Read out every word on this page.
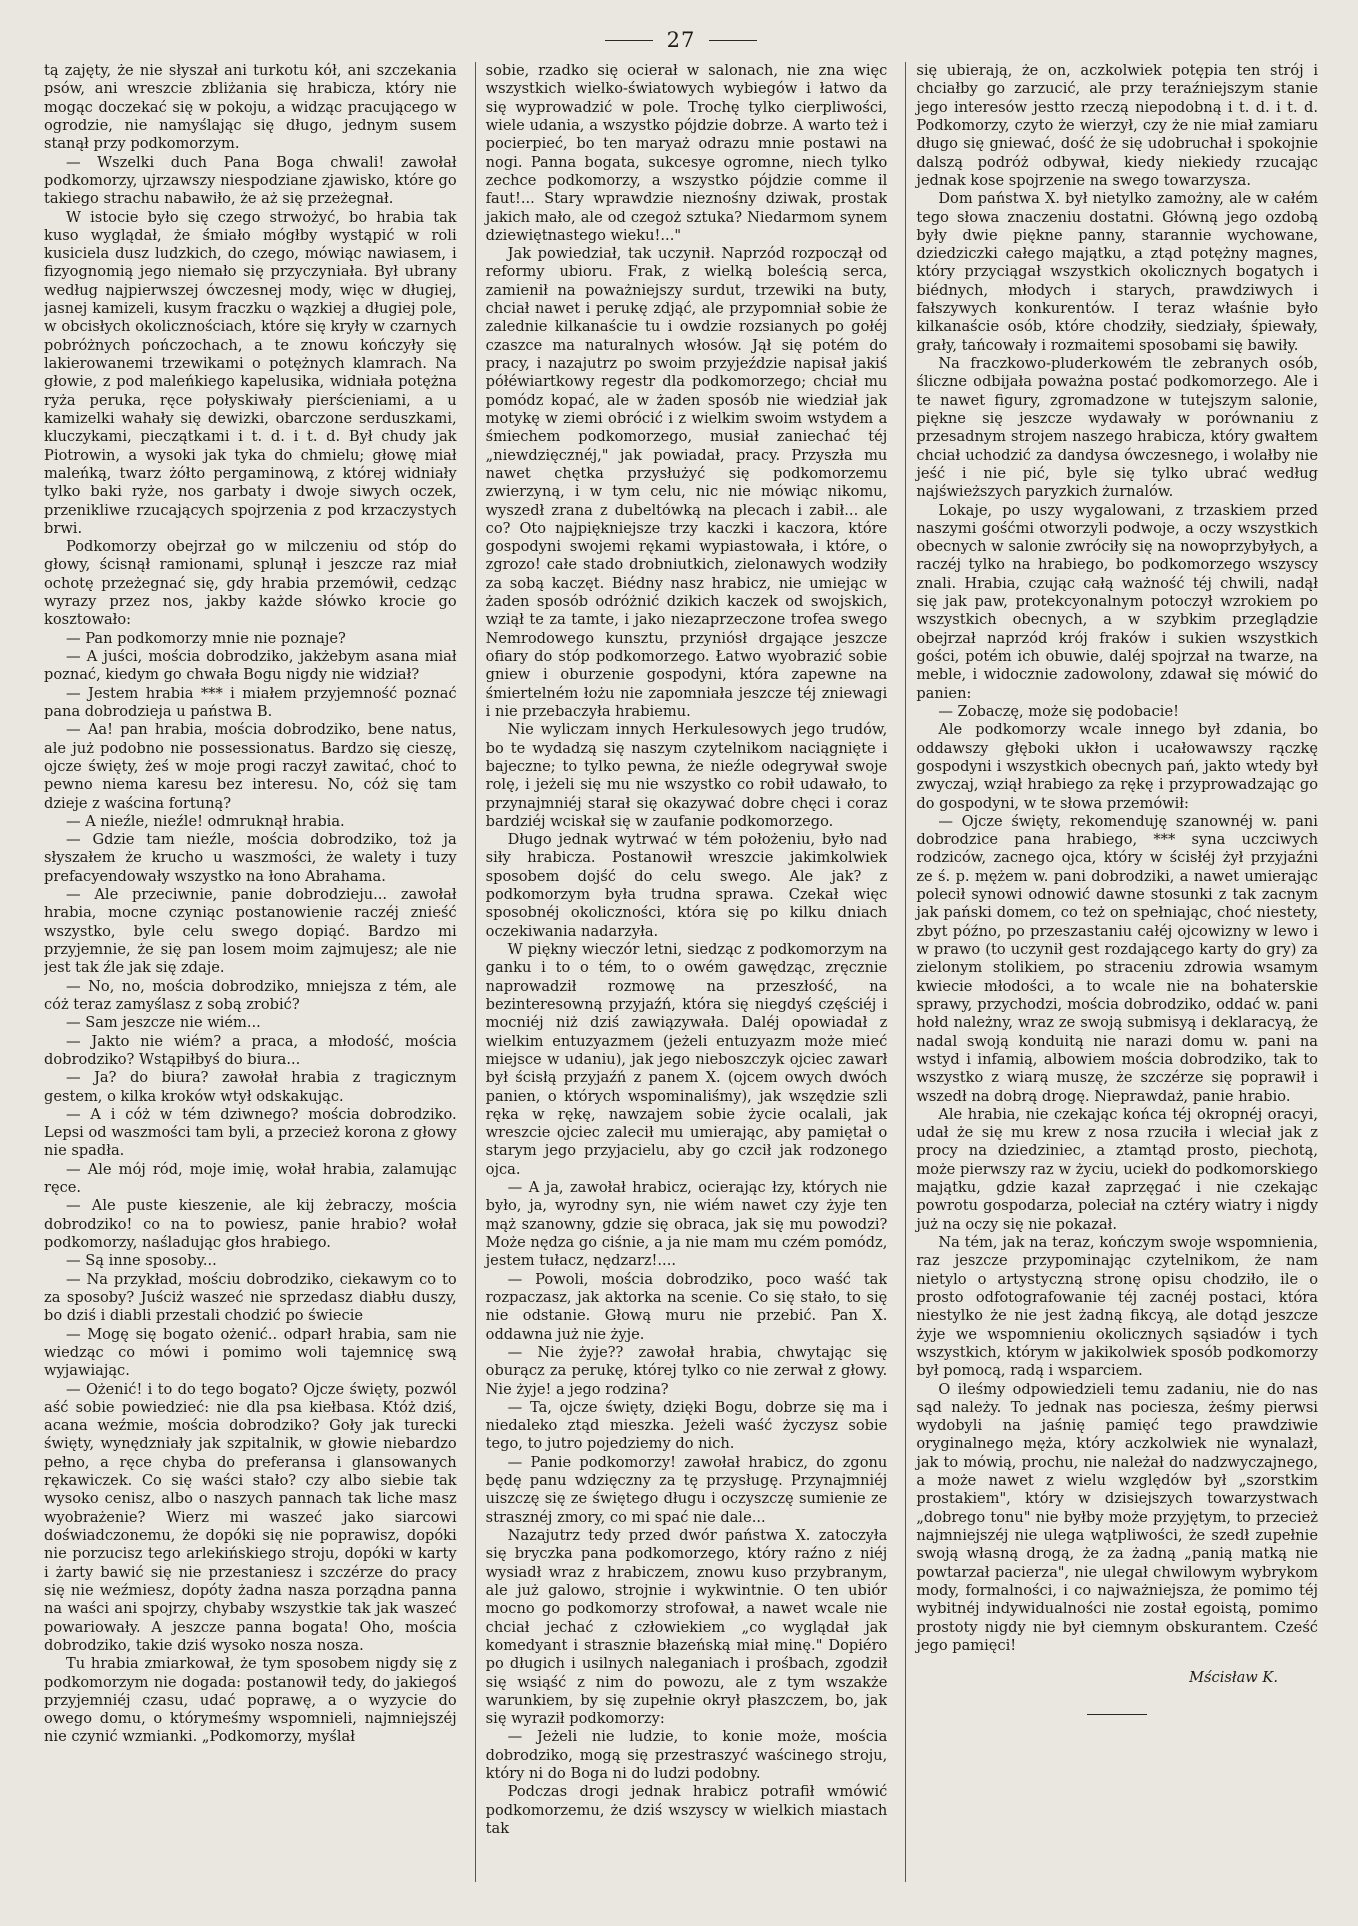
27

tą zajęty, że nie słyszał ani turkotu kół, ani szczekania psów, ani wreszcie zbliżania się hrabicza, który nie mogąc doczekać się w pokoju, a widząc pracującego w ogrodzie, nie namyślając się długo, jednym susem stanął przy podkomorzym.

— Wszelki duch Pana Boga chwali! zawołał podkomorzy, ujrzawszy niespodziane zjawisko, które go takiego strachu nabawiło, że aż się przeżegnał.

W istocie było się czego strwożyć, bo hrabia tak kuso wyglądał, że śmiało mógłby wystąpić w roli kusiciela dusz ludzkich, do czego, mówiąc nawiasem, i fizyognomią jego niemało się przyczyniała. Był ubrany według najpierwszej ówczesnej mody, więc w długiej, jasnej kamizeli, kusym fraczku o wązkiej a długiej pole, w obcisłych okolicznościach, które się kryły w czarnych pobróżnych pończochach, a te znowu kończyły się lakierowanemi trzewikami o potężnych klamrach. Na głowie, z pod maleńkiego kapelusika, widniała potężna ryża peruka, ręce połyskiwały pierścieniami, a u kamizelki wahały się dewizki, obarczone serduszkami, kluczykami, pieczątkami i t. d. i t. d. Był chudy jak Piotrowin, a wysoki jak tyka do chmielu; głowę miał maleńką, twarz żółto pergaminową, z której widniały tylko baki ryże, nos garbaty i dwoje siwych oczek, przenikliwe rzucających spojrzenia z pod krzaczystych brwi.

Podkomorzy obejrzał go w milczeniu od stóp do głowy, ścisnął ramionami, splunął i jeszcze raz miał ochotę przeżegnać się, gdy hrabia przemówił, cedząc wyrazy przez nos, jakby każde słówko krocie go kosztowało:

— Pan podkomorzy mnie nie poznaje?

— A juści, mościa dobrodziko, jakżebym asana miał poznać, kiedym go chwała Bogu nigdy nie widział?

— Jestem hrabia *** i miałem przyjemność poznać pana dobrodzieja u państwa B.

— Aa! pan hrabia, mościa dobrodziko, bene natus, ale już podobno nie possessionatus. Bardzo się cieszę, ojcze święty, żeś w moje progi raczył zawitać, choć to pewno niema karesu bez interesu. No, cóż się tam dzieje z waścina fortuną?

— A nieźle, nieźle! odmruknął hrabia.

— Gdzie tam nieźle, mościa dobrodziko, toż ja słyszałem że krucho u waszmości, że walety i tuzy prefacyendowały wszystko na łono Abrahama.

— Ale przeciwnie, panie dobrodzieju... zawołał hrabia, mocne czyniąc postanowienie raczéj znieść wszystko, byle celu swego dopiąć. Bardzo mi przyjemnie, że się pan losem moim zajmujesz; ale nie jest tak źle jak się zdaje.

— No, no, mościa dobrodziko, mniejsza z tém, ale cóż teraz zamyślasz z sobą zrobić?

— Sam jeszcze nie wiém...

— Jakto nie wiém? a praca, a młodość, mościa dobrodziko? Wstąpiłbyś do biura...

— Ja? do biura? zawołał hrabia z tragicznym gestem, o kilka kroków wtył odskakując.

— A i cóż w tém dziwnego? mościa dobrodziko. Lepsi od waszmości tam byli, a przecież korona z głowy nie spadła.

— Ale mój ród, moje imię, wołał hrabia, zalamując ręce.

— Ale puste kieszenie, ale kij żebraczy, mościa dobrodziko! co na to powiesz, panie hrabio? wołał podkomorzy, naśladując głos hrabiego.

— Są inne sposoby...

— Na przykład, mościu dobrodziko, ciekawym co to za sposoby? Juściż waszeć nie sprzedasz diabłu duszy, bo dziś i diabli przestali chodzić po świecie

— Mogę się bogato ożenić.. odparł hrabia, sam nie wiedząc co mówi i pomimo woli tajemnicę swą wyjawiając.

— Ożenić! i to do tego bogato? Ojcze święty, pozwól aść sobie powiedzieć: nie dla psa kiełbasa. Któż dziś, acana weźmie, mościa dobrodziko? Goły jak turecki święty, wynędzniały jak szpitalnik, w głowie niebardzo pełno, a ręce chyba do preferansa i glansowanych rękawiczek. Co się waści stało? czy albo siebie tak wysoko cenisz, albo o naszych pannach tak liche masz wyobrażenie? Wierz mi waszeć jako siarcowi doświadczonemu, że dopóki się nie poprawisz, dopóki nie porzucisz tego arlekińskiego stroju, dopóki w karty i żarty bawić się nie przestaniesz i szczérze do pracy się nie weźmiesz, dopóty żadna nasza porządna panna na waści ani spojrzy, chybaby wszystkie tak jak waszeć powariowały. A jeszcze panna bogata! Oho, mościa dobrodziko, takie dziś wysoko nosza nosza.

Tu hrabia zmiarkował, że tym sposobem nigdy się z podkomorzym nie dogada: postanowił tedy, do jakiegoś przyjemniéj czasu, udać poprawę, a o wyzycie do owego domu, o którymeśmy wspomnieli, najmniejszéj nie czynić wzmianki. „Podkomorzy, myślał

sobie, rzadko się ocierał w salonach, nie zna więc wszystkich wielko-światowych wybiegów i łatwo da się wyprowadzić w pole. Trochę tylko cierpliwości, wiele udania, a wszystko pójdzie dobrze. A warto też i pocierpieć, bo ten maryaż odrazu mnie postawi na nogi. Panna bogata, sukcesye ogromne, niech tylko zechce podkomorzy, a wszystko pójdzie comme il faut!... Stary wprawdzie nieznośny dziwak, prostak jakich mało, ale od czegoż sztuka? Niedarmom synem dziewiętnastego wieku!..."

Jak powiedział, tak uczynił. Naprzód rozpoczął od reformy ubioru. Frak, z wielką boleścią serca, zamienił na poważniejszy surdut, trzewiki na buty, chciał nawet i perukę zdjąć, ale przypomniał sobie że zalednie kilkanaście tu i owdzie rozsianych po gołéj czaszce ma naturalnych włosów. Jął się potém do pracy, i nazajutrz po swoim przyjeździe napisał jakiś półéwiartkowy regestr dla podkomorzego; chciał mu pomódz kopać, ale w żaden sposób nie wiedział jak motykę w ziemi obrócić i z wielkim swoim wstydem a śmiechem podkomorzego, musiał zaniechać téj „niewdzięcznéj," jak powiadał, pracy. Przyszła mu nawet chętka przysłużyć się podkomorzemu zwierzyną, i w tym celu, nic nie mówiąc nikomu, wyszedł zrana z dubeltówką na plecach i zabił... ale co? Oto najpiękniejsze trzy kaczki i kaczora, które gospodyni swojemi rękami wypiastowała, i które, o zgrozo! całe stado drobniutkich, zielonawych wodziły za sobą kaczęt. Biédny nasz hrabicz, nie umiejąc w żaden sposób odróżnić dzikich kaczek od swojskich, wziął te za tamte, i jako niezaprzeczone trofea swego Nemrodowego kunsztu, przyniósł drgające jeszcze ofiary do stóp podkomorzego. Łatwo wyobrazić sobie gniew i oburzenie gospodyni, która zapewne na śmiertelném łożu nie zapomniała jeszcze téj zniewagi i nie przebaczyła hrabiemu.

Nie wyliczam innych Herkulesowych jego trudów, bo te wydadzą się naszym czytelnikom naciągnięte i bajeczne; to tylko pewna, że nieźle odegrywał swoje rolę, i jeżeli się mu nie wszystko co robił udawało, to przynajmniéj starał się okazywać dobre chęci i coraz bardziéj wciskał się w zaufanie podkomorzego.

Długo jednak wytrwać w tém położeniu, było nad siły hrabicza. Postanowił wreszcie jakimkolwiek sposobem dojść do celu swego. Ale jak? z podkomorzym była trudna sprawa. Czekał więc sposobnéj okoliczności, która się po kilku dniach oczekiwania nadarzyła.

W piękny wieczór letni, siedząc z podkomorzym na ganku i to o tém, to o owém gawędząc, zręcznie naprowadził rozmowę na przeszłość, na bezinteresowną przyjaźń, która się niegdyś częściéj i mocniéj niż dziś zawiązywała. Daléj opowiadał z wielkim entuzyazmem (jeżeli entuzyazm może mieć miejsce w udaniu), jak jego nieboszczyk ojciec zawarł był ścisłą przyjaźń z panem X. (ojcem owych dwóch panien, o których wspominaliśmy), jak wszędzie szli ręka w rękę, nawzajem sobie życie ocalali, jak wreszcie ojciec zalecił mu umierając, aby pamiętał o starym jego przyjacielu, aby go czcił jak rodzonego ojca.

— A ja, zawołał hrabicz, ocierając łzy, których nie było, ja, wyrodny syn, nie wiém nawet czy żyje ten mąż szanowny, gdzie się obraca, jak się mu powodzi? Może nędza go ciśnie, a ja nie mam mu czém pomódz, jestem tułacz, nędzarz!....

— Powoli, mościa dobrodziko, poco waść tak rozpaczasz, jak aktorka na scenie. Co się stało, to się nie odstanie. Głową muru nie przebić. Pan X. oddawna już nie żyje.

— Nie żyje?? zawołał hrabia, chwytając się oburącz za perukę, której tylko co nie zerwał z głowy. Nie żyje! a jego rodzina?

— Ta, ojcze święty, dzięki Bogu, dobrze się ma i niedaleko ztąd mieszka. Jeżeli waść życzysz sobie tego, to jutro pojedziemy do nich.

— Panie podkomorzy! zawołał hrabicz, do zgonu będę panu wdzięczny za tę przysługę. Przynajmniéj uiszczę się ze świętego długu i oczyszczę sumienie ze strasznéj zmory, co mi spać nie dale...

Nazajutrz tedy przed dwór państwa X. zatoczyła się bryczka pana podkomorzego, który raźno z niéj wysiadł wraz z hrabiczem, znowu kuso przybranym, ale już galowo, strojnie i wykwintnie. O ten ubiór mocno go podkomorzy strofował, a nawet wcale nie chciał jechać z człowiekiem „co wyglądał jak komedyant i strasznie błazeńską miał minę." Dopiéro po długich i usilnych naleganiach i prośbach, zgodził się wsiąść z nim do powozu, ale z tym wszakże warunkiem, by się zupełnie okrył płaszczem, bo, jak się wyraził podkomorzy:

— Jeżeli nie ludzie, to konie może, mościa dobrodziko, mogą się przestraszyć waścinego stroju, który ni do Boga ni do ludzi podobny.

Podczas drogi jednak hrabicz potrafił wmówić podkomorzemu, że dziś wszyscy w wielkich miastach tak

się ubierają, że on, aczkolwiek potępia ten strój i chciałby go zarzucić, ale przy teraźniejszym stanie jego interesów jestto rzeczą niepodobną i t. d. i t. d. Podkomorzy, czyto że wierzył, czy że nie miał zamiaru długo się gniewać, dość że się udobruchał i spokojnie dalszą podróż odbywał, kiedy niekiedy rzucając jednak kose spojrzenie na swego towarzysza.

Dom państwa X. był nietylko zamożny, ale w całém tego słowa znaczeniu dostatni. Główną jego ozdobą były dwie piękne panny, starannie wychowane, dziedziczki całego majątku, a ztąd potężny magnes, który przyciągał wszystkich okolicznych bogatych i biédnych, młodych i starych, prawdziwych i fałszywych konkurentów. I teraz właśnie było kilkanaście osób, które chodziły, siedziały, śpiewały, grały, tańcowały i rozmaitemi sposobami się bawiły.

Na fraczkowo-pluderkowém tle zebranych osób, śliczne odbijała poważna postać podkomorzego. Ale i te nawet figury, zgromadzone w tutejszym salonie, piękne się jeszcze wydawały w porównaniu z przesadnym strojem naszego hrabicza, który gwałtem chciał uchodzić za dandysa ówczesnego, i wolałby nie jeść i nie pić, byle się tylko ubrać według najświeższych paryzkich żurnalów.

Lokaje, po uszy wygalowani, z trzaskiem przed naszymi gośćmi otworzyli podwoje, a oczy wszystkich obecnych w salonie zwróciły się na nowoprzybyłych, a raczéj tylko na hrabiego, bo podkomorzego wszyscy znali. Hrabia, czując całą ważność téj chwili, nadął się jak paw, protekcyonalnym potoczył wzrokiem po wszystkich obecnych, a w szybkim przeglądzie obejrzał naprzód krój fraków i sukien wszystkich gości, potém ich obuwie, daléj spojrzał na twarze, na meble, i widocznie zadowolony, zdawał się mówić do panien:

— Zobaczę, może się podobacie!

Ale podkomorzy wcale innego był zdania, bo oddawszy głęboki ukłon i ucałowawszy rączkę gospodyni i wszystkich obecnych pań, jakto wtedy był zwyczaj, wziął hrabiego za rękę i przyprowadzając go do gospodyni, w te słowa przemówił:

— Ojcze święty, rekomenduję szanownéj w. pani dobrodzice pana hrabiego, *** syna uczciwych rodziców, zacnego ojca, który w ścisłéj żył przyjaźni ze ś. p. mężem w. pani dobrodziki, a nawet umierając polecił synowi odnowić dawne stosunki z tak zacnym jak pański domem, co też on spełniając, choć niestety, zbyt późno, po przeszastaniu całéj ojcowizny w lewo i w prawo (to uczynił gest rozdającego karty do gry) za zielonym stolikiem, po straceniu zdrowia wsamym kwiecie młodości, a to wcale nie na bohaterskie sprawy, przychodzi, mościa dobrodziko, oddać w. pani hołd należny, wraz ze swoją submisyą i deklaracyą, że nadal swoją konduitą nie narazi domu w. pani na wstyd i infamią, albowiem mościa dobrodziko, tak to wszystko z wiarą muszę, że szczérze się poprawił i wszedł na dobrą drogę. Nieprawdaż, panie hrabio.

Ale hrabia, nie czekając końca téj okropnéj oracyi, udał że się mu krew z nosa rzuciła i wleciał jak z procy na dziedziniec, a ztamtąd prosto, piechotą, może pierwszy raz w życiu, uciekł do podkomorskiego majątku, gdzie kazał zaprzęgać i nie czekając powrotu gospodarza, poleciał na cztéry wiatry i nigdy już na oczy się nie pokazał.

Na tém, jak na teraz, kończym swoje wspomnienia, raz jeszcze przypominając czytelnikom, że nam nietylo o artystyczną stronę opisu chodziło, ile o prosto odfotografowanie téj zacnéj postaci, która niestylko że nie jest żadną fikcyą, ale dotąd jeszcze żyje we wspomnieniu okolicznych sąsiadów i tych wszystkich, którym w jakikolwiek sposób podkomorzy był pomocą, radą i wsparciem.

O ileśmy odpowiedzieli temu zadaniu, nie do nas sąd należy. To jednak nas pociesza, żeśmy pierwsi wydobyli na jaśnię pamięć tego prawdziwie oryginalnego męża, który aczkolwiek nie wynalazł, jak to mówią, prochu, nie należał do nadzwyczajnego, a może nawet z wielu względów był „szorstkim prostakiem", który w dzisiejszych towarzystwach „dobrego tonu" nie byłby może przyjętym, to przecież najmniejszéj nie ulega wątpliwości, że szedł zupełnie swoją własną drogą, że za żadną „panią matką nie powtarzał pacierza", nie ulegał chwilowym wybrykom mody, formalności, i co najważniejsza, że pomimo téj wybitnéj indywidualności nie został egoistą, pomimo prostoty nigdy nie był ciemnym obskurantem. Cześć jego pamięci!

Mścisław K.
